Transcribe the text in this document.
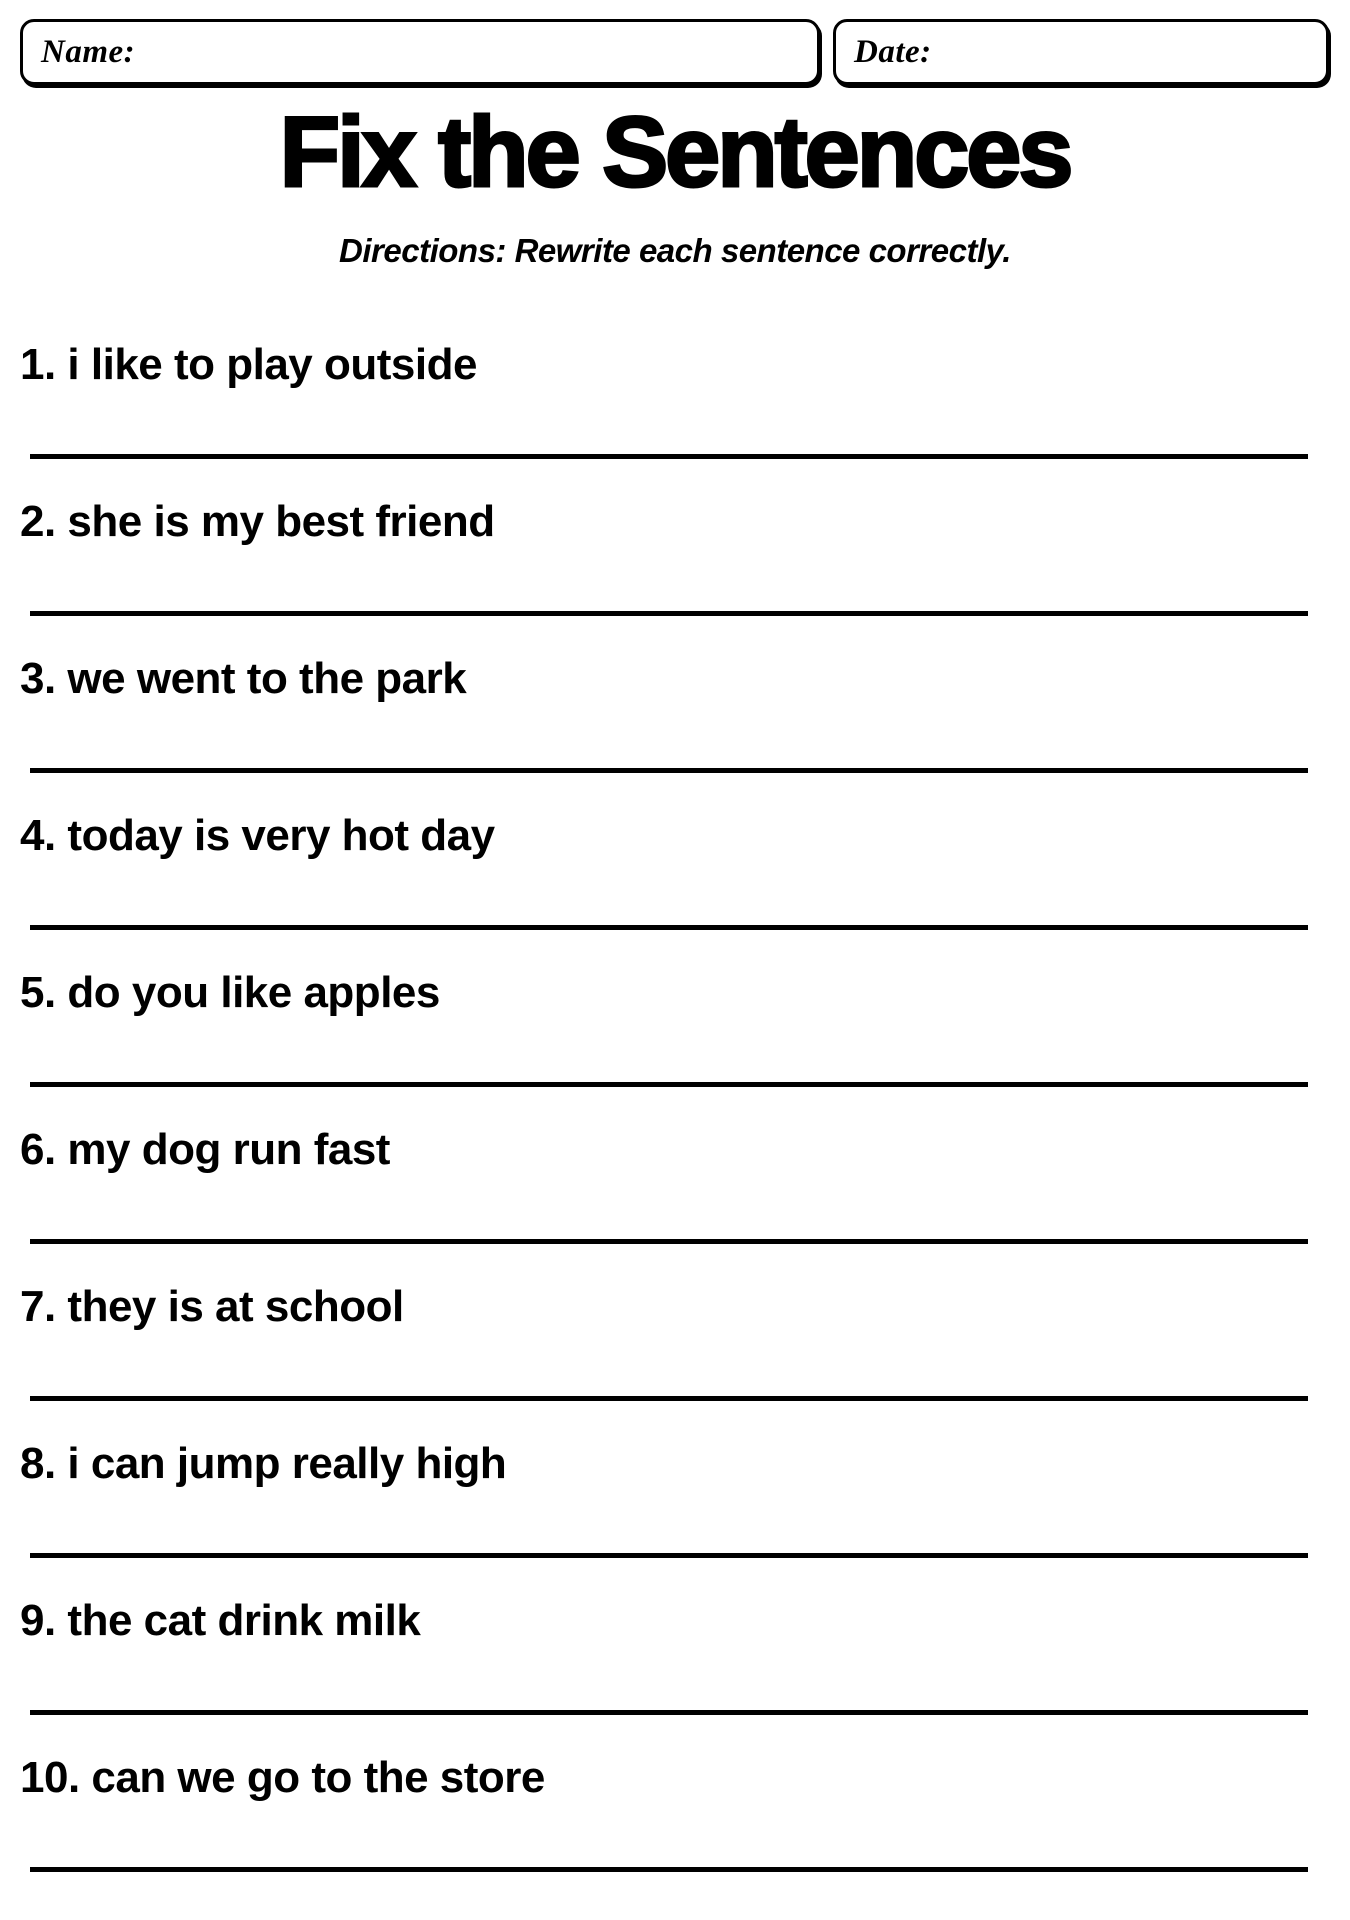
Name:	Date:
Fix the Sentences
Directions: Rewrite each sentence correctly.
1. i like to play outside
2. she is my best friend
3. we went to the park
4. today is very hot day
5. do you like apples
6. my dog run fast
7. they is at school
8. i can jump really high
9. the cat drink milk
10. can we go to the store
